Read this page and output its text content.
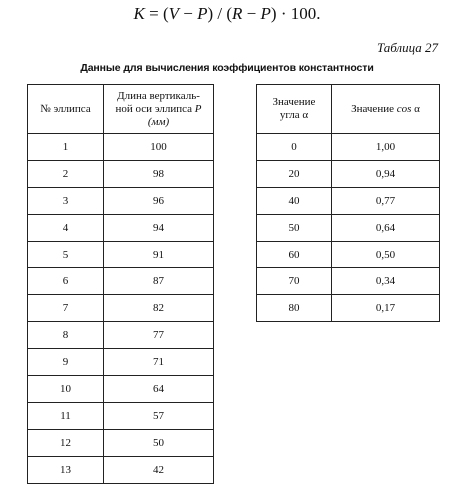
K = (V − P) / (R − P) · 100.
Таблица 27
Данные для вычисления коэффициентов константности
№ эллипса	Длина вертикаль-
ной оси эллипса Р
(мм)
1	100
2	98
3	96
4	94
5	91
6	87
7	82
8	77
9	71
10	64
11	57
12	50
13	42
Значение
угла α	Значение cos α
0	1,00
20	0,94
40	0,77
50	0,64
60	0,50
70	0,34
80	0,17
